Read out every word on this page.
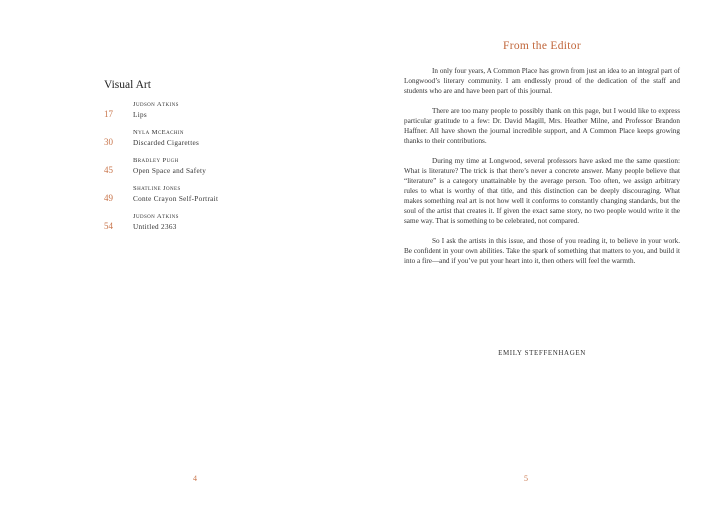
Visual Art
Judson Atkins
17	Lips
Nyla McEachin
30	Discarded Cigarettes
Bradley Pugh
45	Open Space and Safety
Shatline Jones
49	Conte Crayon Self-Portrait
Judson Atkins
54	Untitled 2363
4
From the Editor

In only four years, A Common Place has grown from just an idea to an integral part of Longwood’s literary community. I am endlessly proud of the dedication of the staff and students who are and have been part of this journal.

There are too many people to possibly thank on this page, but I would like to express particular gratitude to a few: Dr. David Magill, Mrs. Heather Milne, and Professor Brandon Haffner. All have shown the journal incredible support, and A Common Place keeps growing thanks to their contributions.

During my time at Longwood, several professors have asked me the same question: What is literature? The trick is that there’s never a concrete answer. Many people believe that “literature” is a category unattainable by the average person. Too often, we assign arbitrary rules to what is worthy of that title, and this distinction can be deeply discouraging. What makes something real art is not how well it conforms to constantly changing standards, but the soul of the artist that creates it. If given the exact same story, no two people would write it the same way. That is something to be celebrated, not compared.

So I ask the artists in this issue, and those of you reading it, to believe in your work. Be confident in your own abilities. Take the spark of something that matters to you, and build it into a fire—and if you’ve put your heart into it, then others will feel the warmth.

EMILY STEFFENHAGEN
5
